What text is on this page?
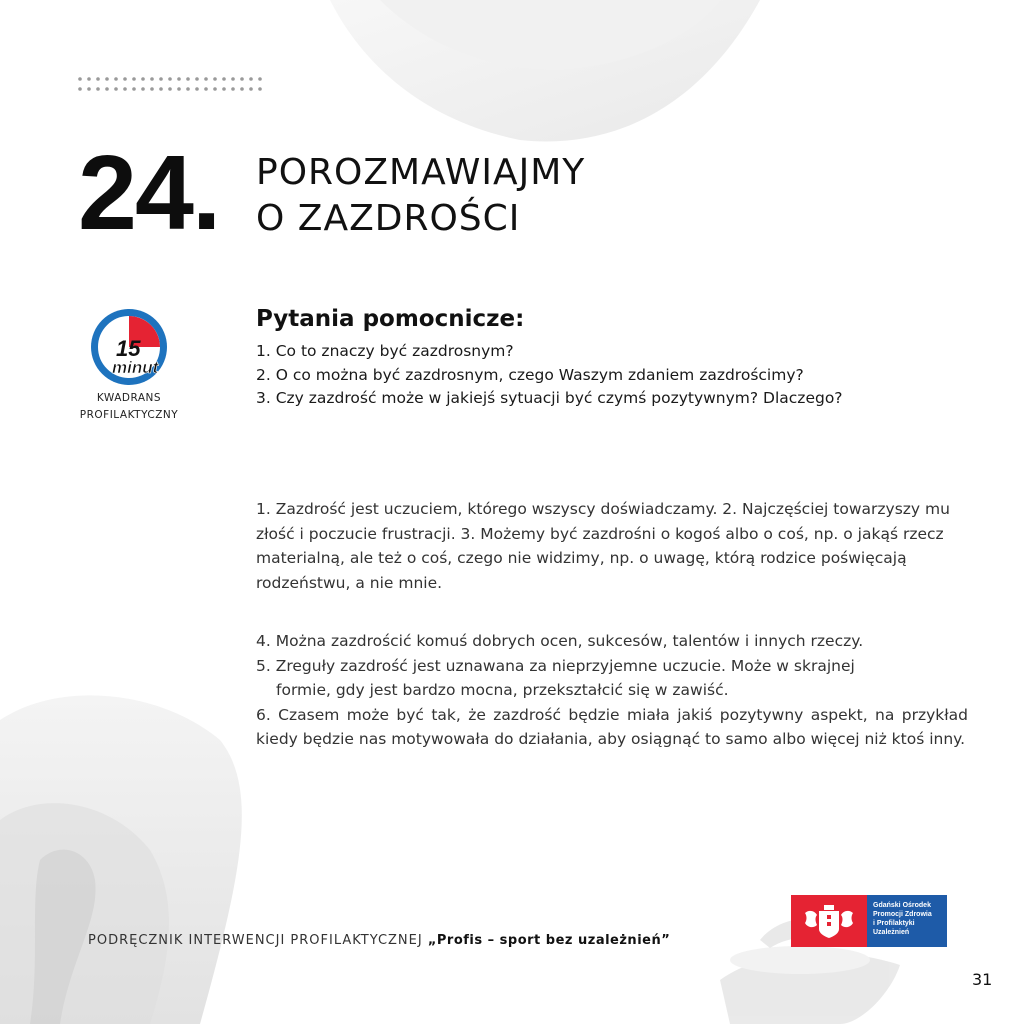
24. POROZMAWIAJMY
O ZAZDROŚCI
15
minut
KWADRANS
PROFILAKTYCZNY
Pytania pomocnicze:
1. Co to znaczy być zazdrosnym?
2. O co można być zazdrosnym, czego Waszym zdaniem zazdrościmy?
3. Czy zazdrość może w jakiejś sytuacji być czymś pozytywnym? Dlaczego?
1. Zazdrość jest uczuciem, którego wszyscy doświadczamy. 2. Najczęściej towarzyszy mu złość i poczucie frustracji. 3. Możemy być zazdrośni o kogoś albo o coś, np. o jakąś rzecz materialną, ale też o coś, czego nie widzimy, np. o uwagę, którą rodzice poświęcają rodzeństwu, a nie mnie.
4. Można zazdrościć komuś dobrych ocen, sukcesów, talentów i innych rzeczy.
5. Zreguły zazdrość jest uznawana za nieprzyjemne uczucie. Może w skrajnej
formie, gdy jest bardzo mocna, przekształcić się w zawiść.
6. Czasem może być tak, że zazdrość będzie miała jakiś pozytywny aspekt, na przykład kiedy będzie nas motywowała do działania, aby osiągnąć to samo albo więcej niż ktoś inny.
PODRĘCZNIK INTERWENCJI PROFILAKTYCZNEJ „Profis – sport bez uzależnień”
Gdański Ośrodek
Promocji Zdrowia
i Profilaktyki
Uzależnień
31
